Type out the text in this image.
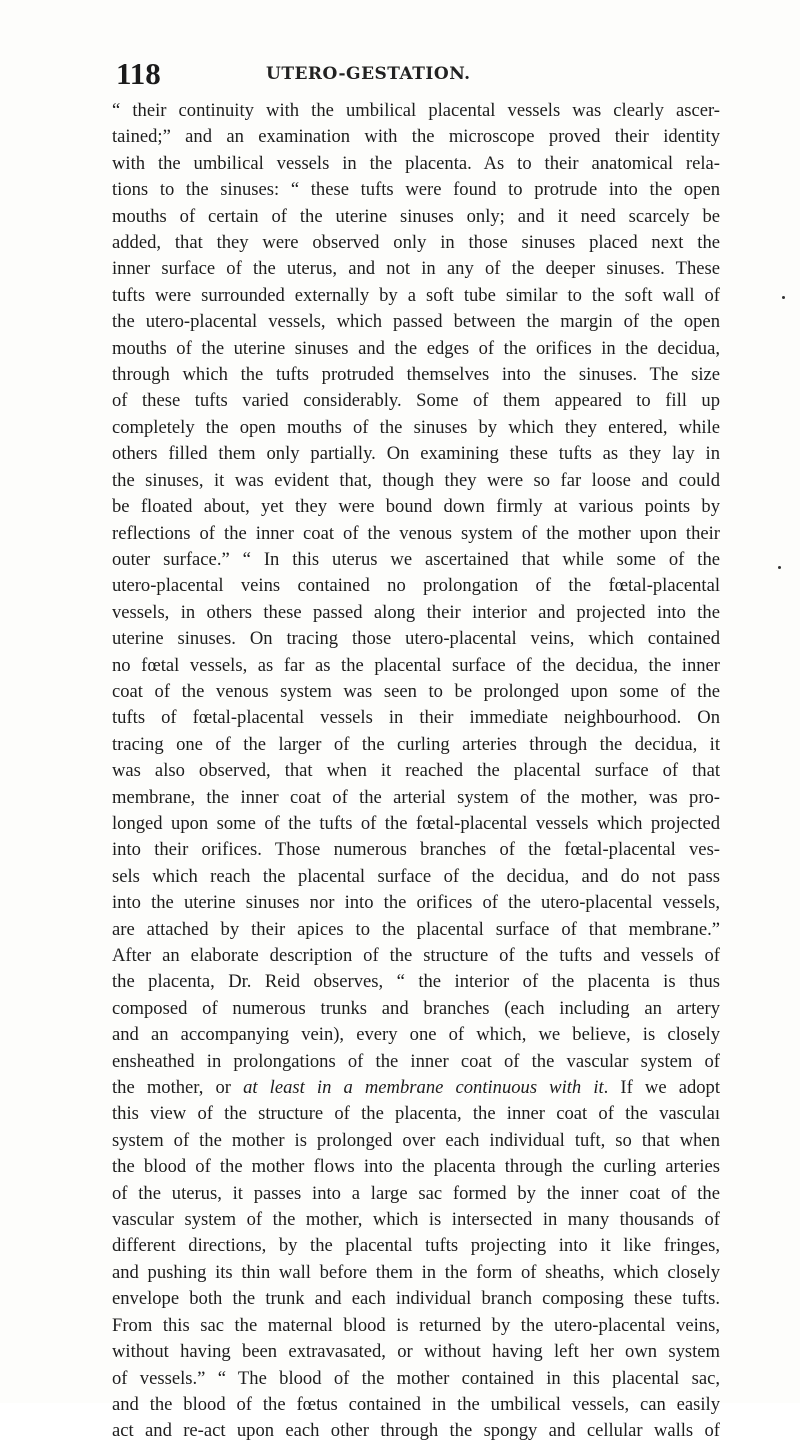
118	UTERO-GESTATION.
“ their continuity with the umbilical placental vessels was clearly ascer-
tained;” and an examination with the microscope proved their identity
with the umbilical vessels in the placenta. As to their anatomical rela-
tions to the sinuses: “ these tufts were found to protrude into the open
mouths of certain of the uterine sinuses only; and it need scarcely be
added, that they were observed only in those sinuses placed next the
inner surface of the uterus, and not in any of the deeper sinuses. These
tufts were surrounded externally by a soft tube similar to the soft wall of
the utero-placental vessels, which passed between the margin of the open
mouths of the uterine sinuses and the edges of the orifices in the decidua,
through which the tufts protruded themselves into the sinuses. The size
of these tufts varied considerably. Some of them appeared to fill up
completely the open mouths of the sinuses by which they entered, while
others filled them only partially. On examining these tufts as they lay in
the sinuses, it was evident that, though they were so far loose and could
be floated about, yet they were bound down firmly at various points by
reflections of the inner coat of the venous system of the mother upon their
outer surface.” “ In this uterus we ascertained that while some of the
utero-placental veins contained no prolongation of the fœtal-placental
vessels, in others these passed along their interior and projected into the
uterine sinuses. On tracing those utero-placental veins, which contained
no fœtal vessels, as far as the placental surface of the decidua, the inner
coat of the venous system was seen to be prolonged upon some of the
tufts of fœtal-placental vessels in their immediate neighbourhood. On
tracing one of the larger of the curling arteries through the decidua, it
was also observed, that when it reached the placental surface of that
membrane, the inner coat of the arterial system of the mother, was pro-
longed upon some of the tufts of the fœtal-placental vessels which projected
into their orifices. Those numerous branches of the fœtal-placental ves-
sels which reach the placental surface of the decidua, and do not pass
into the uterine sinuses nor into the orifices of the utero-placental vessels,
are attached by their apices to the placental surface of that membrane.”
After an elaborate description of the structure of the tufts and vessels of
the placenta, Dr. Reid observes, “ the interior of the placenta is thus
composed of numerous trunks and branches (each including an artery
and an accompanying vein), every one of which, we believe, is closely
ensheathed in prolongations of the inner coat of the vascular system of
the mother, or at least in a membrane continuous with it. If we adopt
this view of the structure of the placenta, the inner coat of the vasculaı
system of the mother is prolonged over each individual tuft, so that when
the blood of the mother flows into the placenta through the curling arteries
of the uterus, it passes into a large sac formed by the inner coat of the
vascular system of the mother, which is intersected in many thousands of
different directions, by the placental tufts projecting into it like fringes,
and pushing its thin wall before them in the form of sheaths, which closely
envelope both the trunk and each individual branch composing these tufts.
From this sac the maternal blood is returned by the utero-placental veins,
without having been extravasated, or without having left her own system
of vessels.” “ The blood of the mother contained in this placental sac,
and the blood of the fœtus contained in the umbilical vessels, can easily
act and re-act upon each other through the spongy and cellular walls of
